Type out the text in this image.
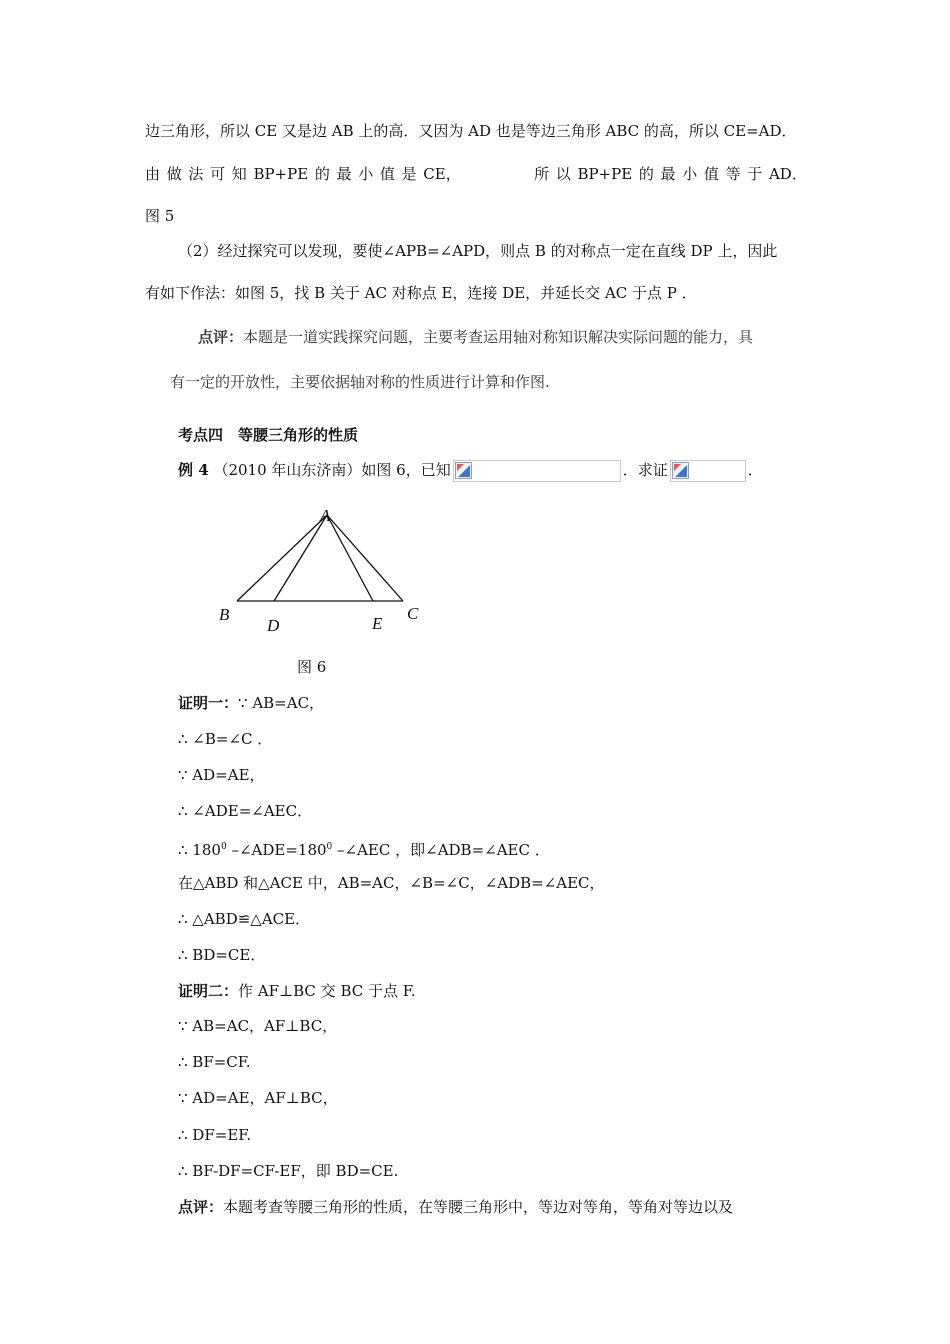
边三角形，所以 CE 又是边 AB 上的高．又因为 AD 也是等边三角形 ABC 的高，所以 CE=AD．
由 做 法 可 知 BP+PE 的 最 小 值 是 CE，	所 以 BP+PE 的 最 小 值 等 于 AD．
图 5
（2）经过探究可以发现，要使∠APB=∠APD，则点 B 的对称点一定在直线 DP 上，因此
有如下作法：如图 5，找 B 关于 AC 对称点 E，连接 DE，并延长交 AC 于点 P ．
点评：本题是一道实践探究问题，主要考查运用轴对称知识解决实际问题的能力，具
有一定的开放性，主要依据轴对称的性质进行计算和作图.
考点四　等腰三角形的性质
例 4 （2010 年山东济南）如图 6，已知	．求证	．
A
B	C
D	E
图 6
证明一：∵ AB=AC，
∴ ∠B=∠C ．
∵ AD=AE，
∴ ∠ADE=∠AEC．
∴ $180^0$ $-\angle ADE=180^0$ –∠AEC ，即∠ADB=∠AEC ．
在△ABD 和△ACE 中，AB=AC，∠B=∠C，∠ADB=∠AEC，
∴ △ABD≌△ACE．
∴ BD=CE．
证明二：作 AF⊥BC 交 BC 于点 F.
∵ AB=AC，AF⊥BC，
∴ BF=CF.
∵ AD=AE，AF⊥BC，
∴ DF=EF.
∴ BF-DF=CF-EF，即 BD=CE.
点评：本题考查等腰三角形的性质，在等腰三角形中，等边对等角，等角对等边以及
